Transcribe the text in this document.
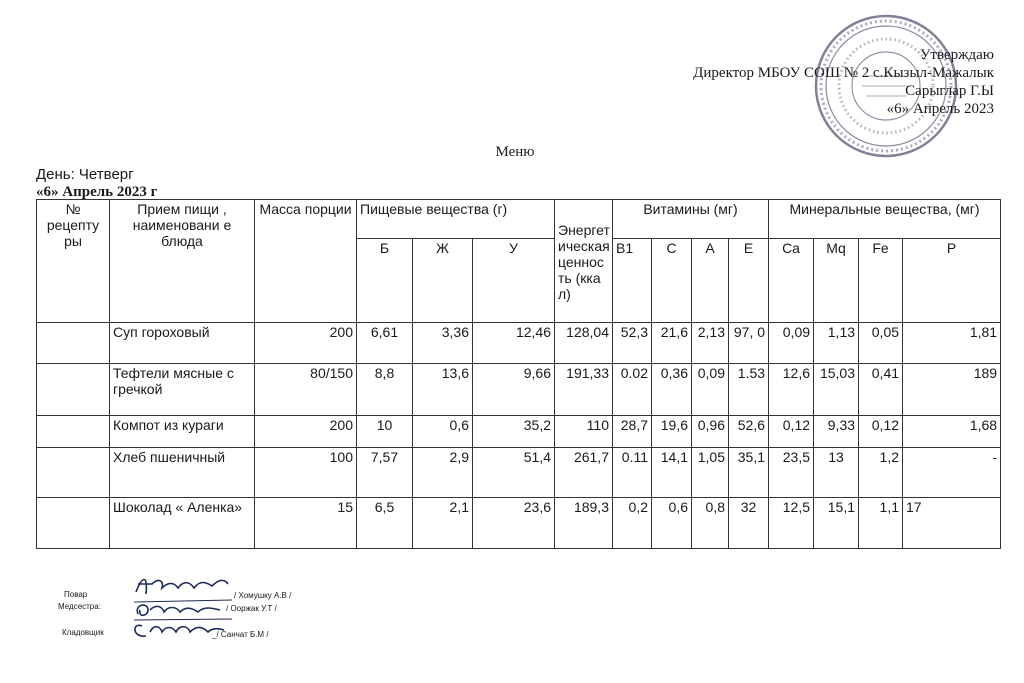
Утверждаю
Директор МБОУ СОШ № 2 с.Кызыл-Мажалык
Сарыглар Г.Ы
«6» Апрель 2023
Меню
День: Четверг
«6» Апрель 2023 г
№ рецепту ры	Прием пищи , наименовани е блюда	Масса порции	Пищевые вещества (г)			Энергет ическая ценнос ть (кка л)	Витамины (мг)				Минеральные вещества, (мг)			
			Б	Ж	У		B1	C	A	E	Ca	Mq	Fe	P
	Суп гороховый	200	6,61	3,36	12,46	128,04	52,3	21,6	2,13	97, 0	0,09	1,13	0,05	1,81
	Тефтели мясные с гречкой	80/150	8,8	13,6	9,66	191,33	0.02	0,36	0,09	1.53	12,6	15,03	0,41	189
	Компот из кураги	200	10	0,6	35,2	110	28,7	19,6	0,96	52,6	0,12	9,33	0,12	1,68
	Хлеб пшеничный	100	7,57	2,9	51,4	261,7	0.11	14,1	1,05	35,1	23,5	13	1,2	-
	Шоколад « Аленка»	15	6,5	2,1	23,6	189,3	0,2	0,6	0,8	32	12,5	15,1	1,1	17
Повар
Медсестра:
Кладовщик
/ Хомушку А.В /
/ Ооржак У.Т /
_/ Санчат Б.М /
